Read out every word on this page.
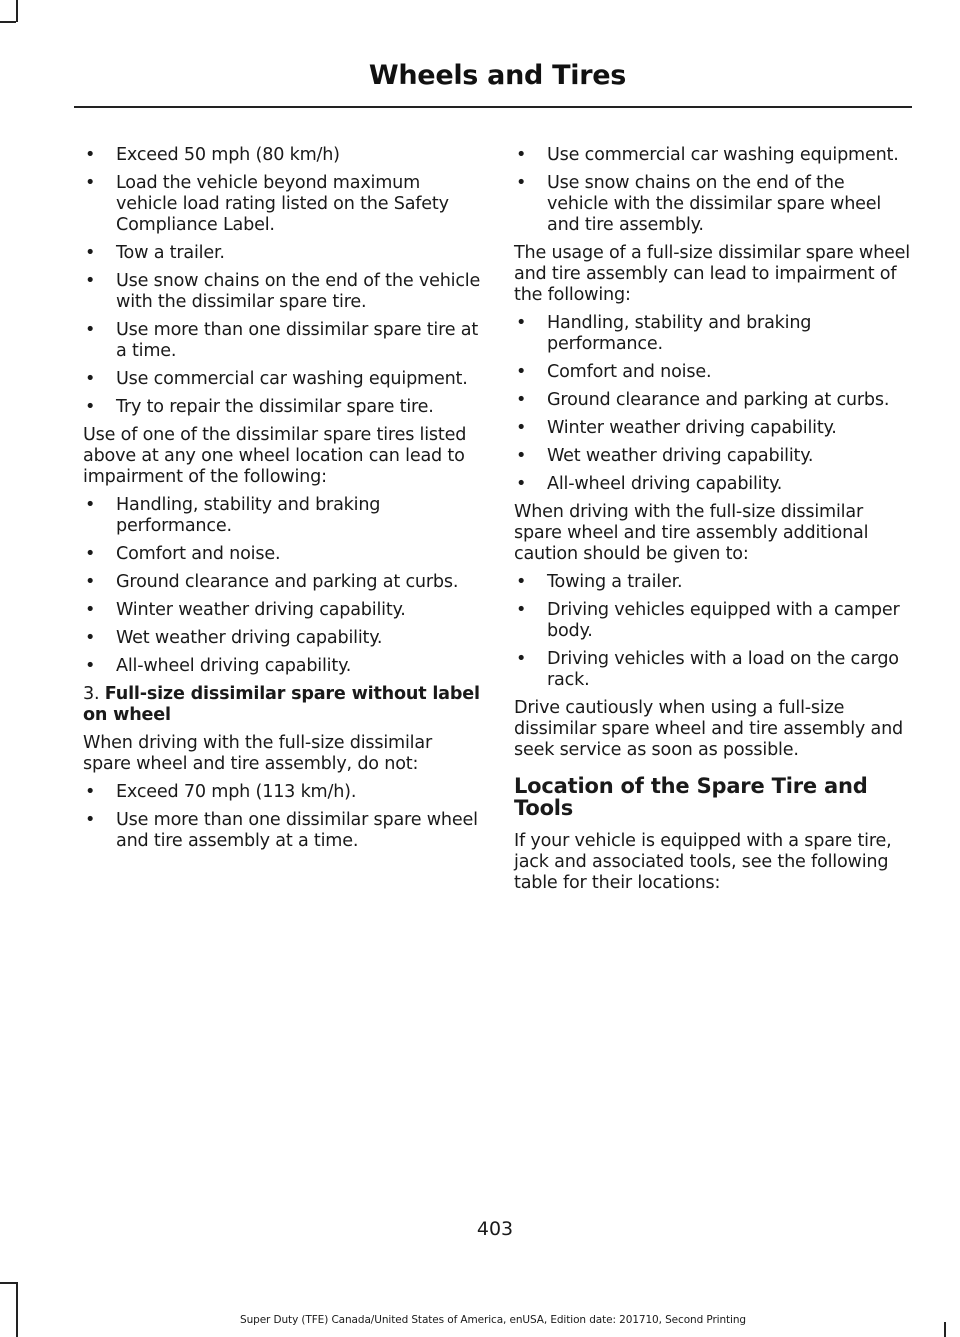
Wheels and Tires
• Exceed 50 mph (80 km/h)
• Load the vehicle beyond maximum vehicle load rating listed on the Safety Compliance Label.
• Tow a trailer.
• Use snow chains on the end of the vehicle with the dissimilar spare tire.
• Use more than one dissimilar spare tire at a time.
• Use commercial car washing equipment.
• Try to repair the dissimilar spare tire.

Use of one of the dissimilar spare tires listed above at any one wheel location can lead to impairment of the following:

• Handling, stability and braking performance.
• Comfort and noise.
• Ground clearance and parking at curbs.
• Winter weather driving capability.
• Wet weather driving capability.
• All-wheel driving capability.

3. Full-size dissimilar spare without label on wheel

When driving with the full-size dissimilar spare wheel and tire assembly, do not:

• Exceed 70 mph (113 km/h).
• Use more than one dissimilar spare wheel and tire assembly at a time.
• Use commercial car washing equipment.
• Use snow chains on the end of the vehicle with the dissimilar spare wheel and tire assembly.

The usage of a full-size dissimilar spare wheel and tire assembly can lead to impairment of the following:

• Handling, stability and braking performance.
• Comfort and noise.
• Ground clearance and parking at curbs.
• Winter weather driving capability.
• Wet weather driving capability.
• All-wheel driving capability.

When driving with the full-size dissimilar spare wheel and tire assembly additional caution should be given to:

• Towing a trailer.
• Driving vehicles equipped with a camper body.
• Driving vehicles with a load on the cargo rack.

Drive cautiously when using a full-size dissimilar spare wheel and tire assembly and seek service as soon as possible.

Location of the Spare Tire and Tools

If your vehicle is equipped with a spare tire, jack and associated tools, see the following table for their locations:

403
Super Duty (TFE) Canada/United States of America, enUSA, Edition date: 201710, Second Printing
